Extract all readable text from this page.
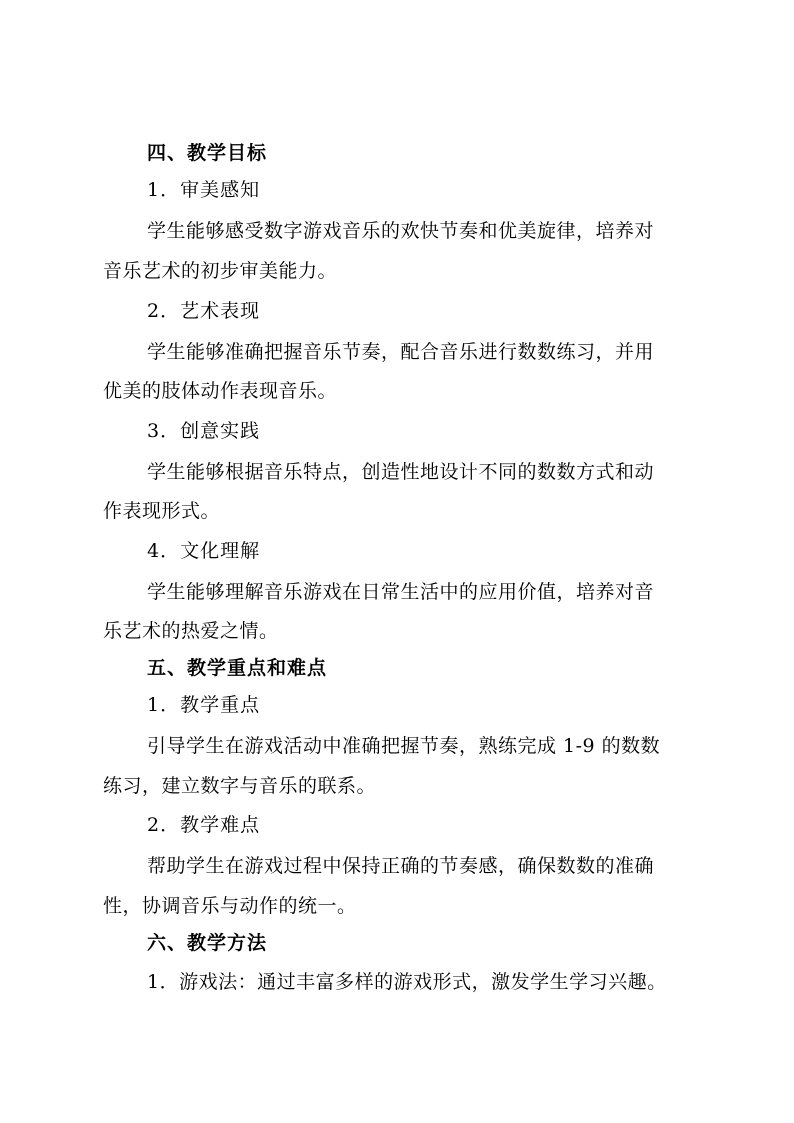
四、教学目标
1．审美感知
学生能够感受数字游戏音乐的欢快节奏和优美旋律，培养对
音乐艺术的初步审美能力。
2．艺术表现
学生能够准确把握音乐节奏，配合音乐进行数数练习，并用
优美的肢体动作表现音乐。
3．创意实践
学生能够根据音乐特点，创造性地设计不同的数数方式和动
作表现形式。
4．文化理解
学生能够理解音乐游戏在日常生活中的应用价值，培养对音
乐艺术的热爱之情。
五、教学重点和难点
1．教学重点
引导学生在游戏活动中准确把握节奏，熟练完成 1-9 的数数
练习，建立数字与音乐的联系。
2．教学难点
帮助学生在游戏过程中保持正确的节奏感，确保数数的准确
性，协调音乐与动作的统一。
六、教学方法
1．游戏法：通过丰富多样的游戏形式，激发学生学习兴趣。
